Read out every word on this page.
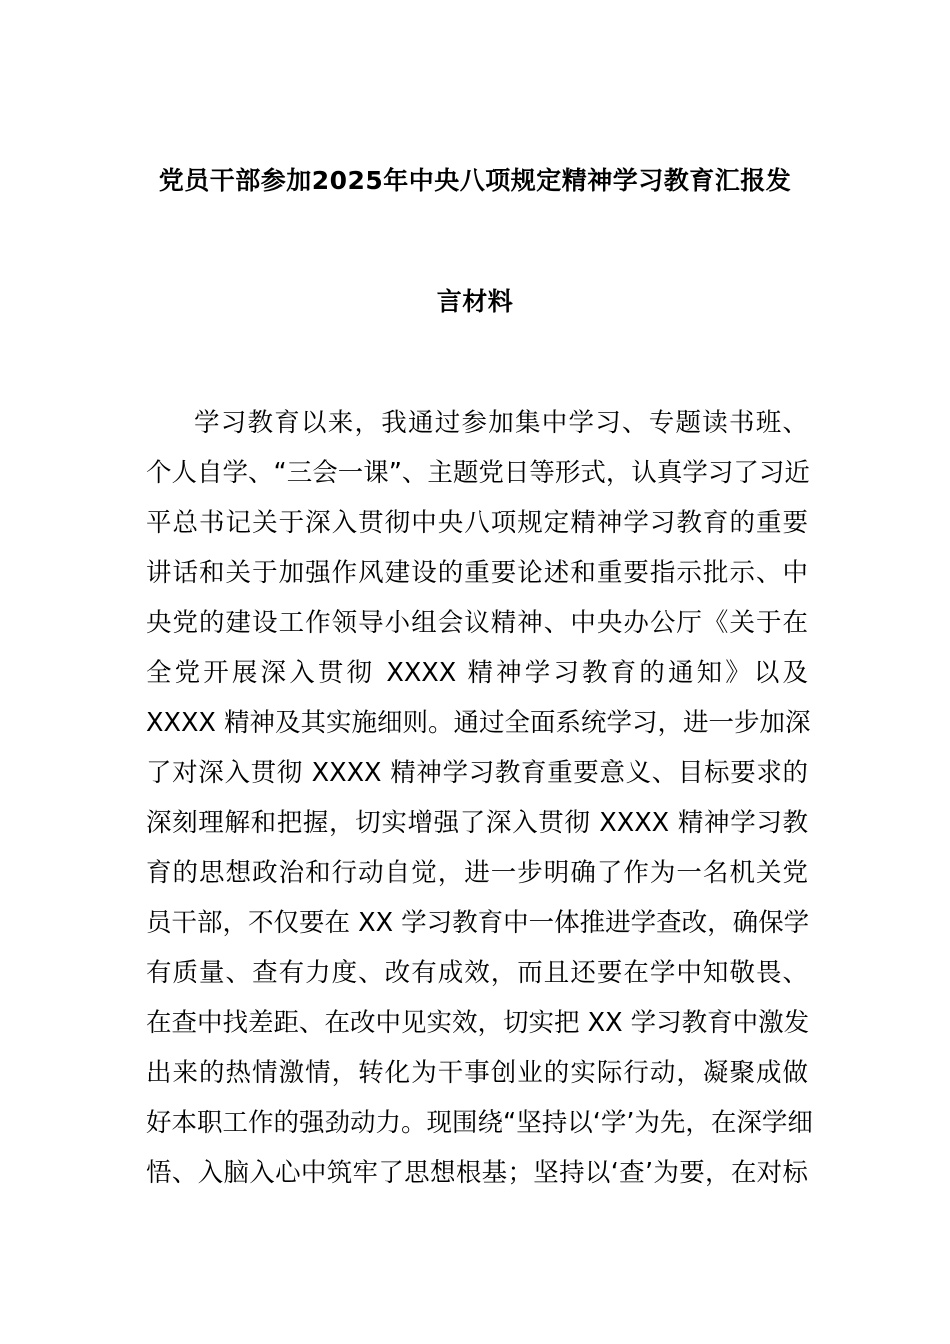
党员干部参加2025年中央八项规定精神学习教育汇报发
言材料
学习教育以来，我通过参加集中学习、专题读书班、
个人自学、“三会一课”、主题党日等形式，认真学习了习近
平总书记关于深入贯彻中央八项规定精神学习教育的重要
讲话和关于加强作风建设的重要论述和重要指示批示、中
央党的建设工作领导小组会议精神、中央办公厅《关于在
全党开展深入贯彻 XXXX 精神学习教育的通知》以及
XXXX 精神及其实施细则。通过全面系统学习，进一步加深
了对深入贯彻 XXXX 精神学习教育重要意义、目标要求的
深刻理解和把握，切实增强了深入贯彻 XXXX 精神学习教
育的思想政治和行动自觉，进一步明确了作为一名机关党
员干部，不仅要在 XX 学习教育中一体推进学查改，确保学
有质量、查有力度、改有成效，而且还要在学中知敬畏、
在查中找差距、在改中见实效，切实把 XX 学习教育中激发
出来的热情激情，转化为干事创业的实际行动，凝聚成做
好本职工作的强劲动力。现围绕“坚持以‘学’为先，在深学细
悟、入脑入心中筑牢了思想根基；坚持以‘查’为要，在对标
